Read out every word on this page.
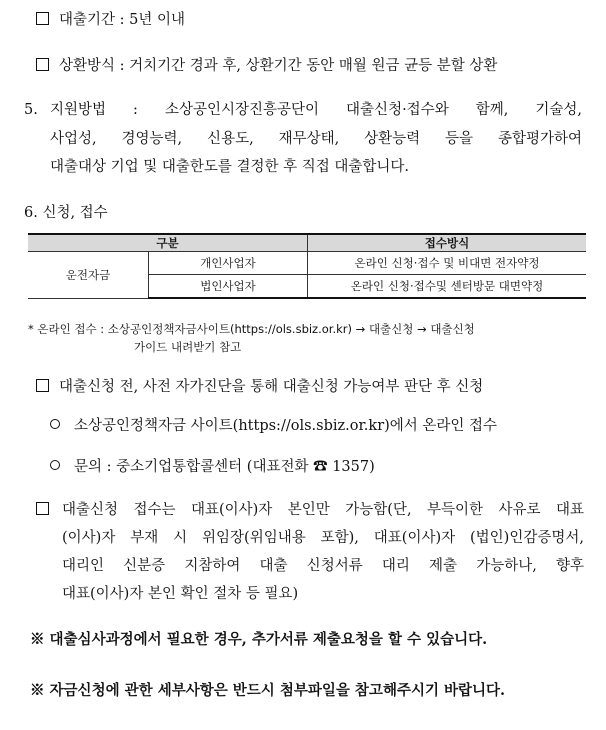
대출기간 : 5년 이내
상환방식 : 거치기간 경과 후, 상환기간 동안 매월 원금 균등 분할 상환
5. 지원방법 : 소상공인시장진흥공단이 대출신청·접수와 함께, 기술성,
사업성, 경영능력, 신용도, 재무상태, 상환능력 등을 종합평가하여
대출대상 기업 및 대출한도를 결정한 후 직접 대출합니다.
6. 신청, 접수
구분		접수방식
운전자금	개인사업자	온라인 신청·접수 및 비대면 전자약정
	법인사업자	온라인 신청·접수및 센터방문 대면약정
* 온라인 접수 : 소상공인정책자금사이트(https://ols.sbiz.or.kr) → 대출신청 → 대출신청
가이드 내려받기 참고
대출신청 전, 사전 자가진단을 통해 대출신청 가능여부 판단 후 신청
소상공인정책자금 사이트(https://ols.sbiz.or.kr)에서 온라인 접수
문의 : 중소기업통합콜센터 (대표전화 ☎ 1357)
대출신청 접수는 대표(이사)자 본인만 가능함(단, 부득이한 사유로 대표
(이사)자 부재 시 위임장(위임내용 포함), 대표(이사)자 (법인)인감증명서,
대리인 신분증 지참하여 대출 신청서류 대리 제출 가능하나, 향후
대표(이사)자 본인 확인 절차 등 필요)
※ 대출심사과정에서 필요한 경우, 추가서류 제출요청을 할 수 있습니다.
※ 자금신청에 관한 세부사항은 반드시 첨부파일을 참고해주시기 바랍니다.
